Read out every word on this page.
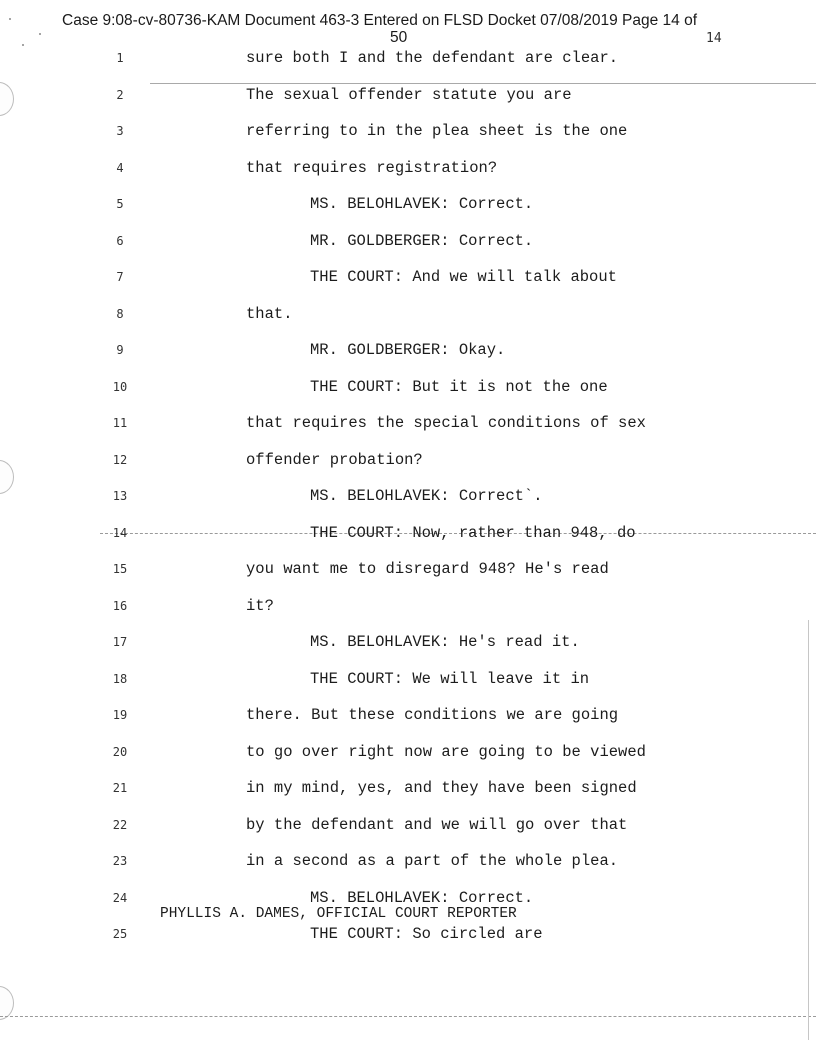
Case 9:08-cv-80736-KAM Document 463-3 Entered on FLSD Docket 07/08/2019 Page 14 of
50	14
1	sure both I and the defendant are clear.
2	The sexual offender statute you are
3	referring to in the plea sheet is the one
4	that requires registration?
5	MS. BELOHLAVEK: Correct.
6	MR. GOLDBERGER: Correct.
7	THE COURT: And we will talk about
8	that.
9	MR. GOLDBERGER: Okay.
10	THE COURT: But it is not the one
11	that requires the special conditions of sex
12	offender probation?
13	MS. BELOHLAVEK: Correct`.
14	THE COURT: Now, rather than 948, do
15	you want me to disregard 948? He's read
16	it?
17	MS. BELOHLAVEK: He's read it.
18	THE COURT: We will leave it in
19	there. But these conditions we are going
20	to go over right now are going to be viewed
21	in my mind, yes, and they have been signed
22	by the defendant and we will go over that
23	in a second as a part of the whole plea.
24	MS. BELOHLAVEK: Correct.
25	THE COURT: So circled are
PHYLLIS A. DAMES, OFFICIAL COURT REPORTER
